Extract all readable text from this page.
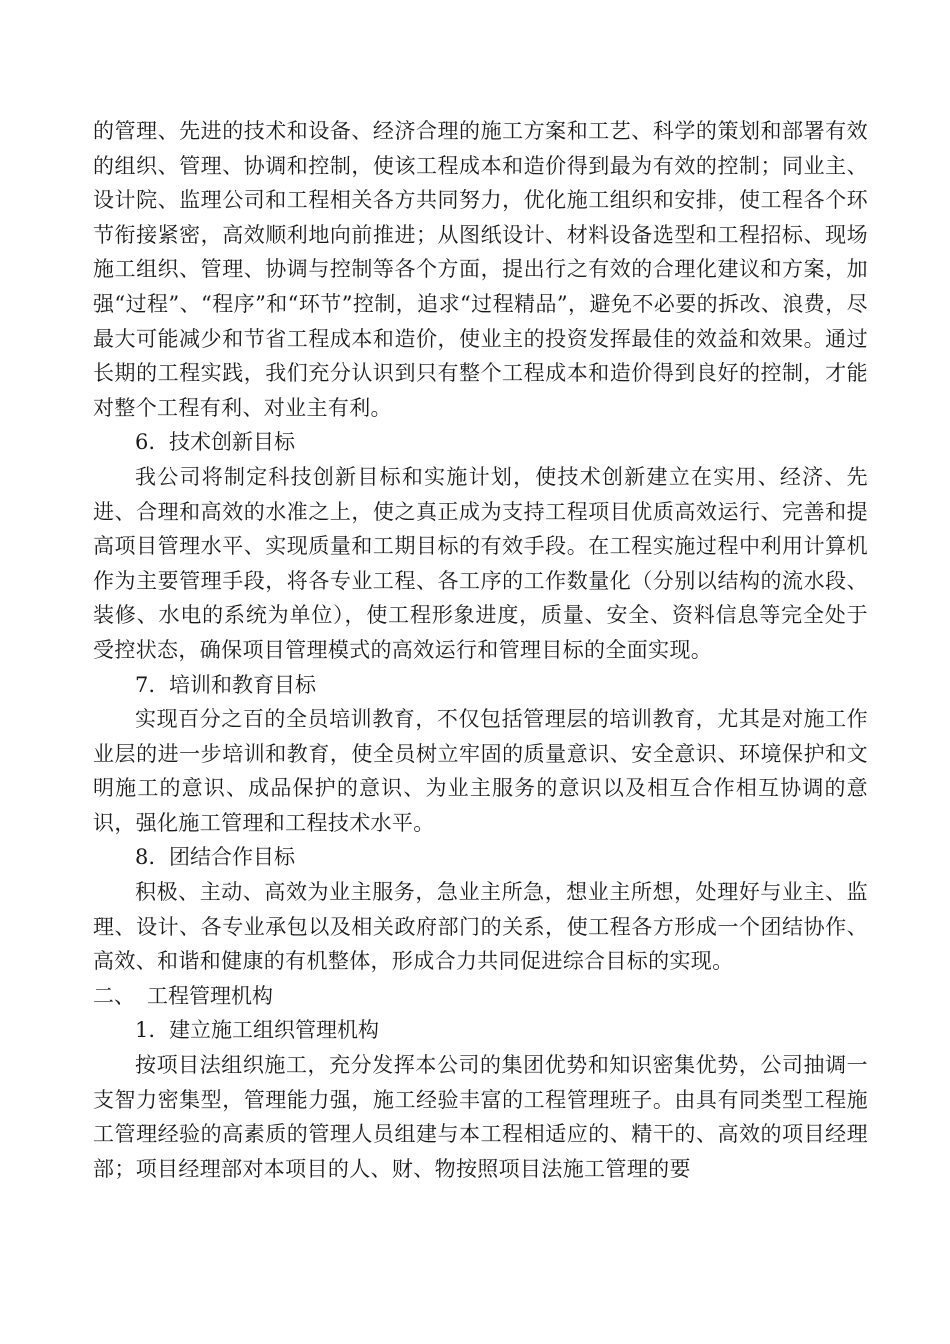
的管理、先进的技术和设备、经济合理的施工方案和工艺、科学的策划和部署有效的组织、管理、协调和控制，使该工程成本和造价得到最为有效的控制；同业主、设计院、监理公司和工程相关各方共同努力，优化施工组织和安排，使工程各个环节衔接紧密，高效顺利地向前推进；从图纸设计、材料设备选型和工程招标、现场施工组织、管理、协调与控制等各个方面，提出行之有效的合理化建议和方案，加强“过程”、“程序”和“环节”控制，追求“过程精品”，避免不必要的拆改、浪费，尽最大可能减少和节省工程成本和造价，使业主的投资发挥最佳的效益和效果。通过长期的工程实践，我们充分认识到只有整个工程成本和造价得到良好的控制，才能对整个工程有利、对业主有利。

6. 技术创新目标

我公司将制定科技创新目标和实施计划，使技术创新建立在实用、经济、先进、合理和高效的水准之上，使之真正成为支持工程项目优质高效运行、完善和提高项目管理水平、实现质量和工期目标的有效手段。在工程实施过程中利用计算机作为主要管理手段，将各专业工程、各工序的工作数量化（分别以结构的流水段、装修、水电的系统为单位），使工程形象进度，质量、安全、资料信息等完全处于受控状态，确保项目管理模式的高效运行和管理目标的全面实现。

7. 培训和教育目标

实现百分之百的全员培训教育，不仅包括管理层的培训教育，尤其是对施工作业层的进一步培训和教育，使全员树立牢固的质量意识、安全意识、环境保护和文明施工的意识、成品保护的意识、为业主服务的意识以及相互合作相互协调的意识，强化施工管理和工程技术水平。

8. 团结合作目标

积极、主动、高效为业主服务，急业主所急，想业主所想，处理好与业主、监理、设计、各专业承包以及相关政府部门的关系，使工程各方形成一个团结协作、高效、和谐和健康的有机整体，形成合力共同促进综合目标的实现。

二、 工程管理机构

1. 建立施工组织管理机构

按项目法组织施工，充分发挥本公司的集团优势和知识密集优势，公司抽调一支智力密集型，管理能力强，施工经验丰富的工程管理班子。由具有同类型工程施工管理经验的高素质的管理人员组建与本工程相适应的、精干的、高效的项目经理部；项目经理部对本项目的人、财、物按照项目法施工管理的要
